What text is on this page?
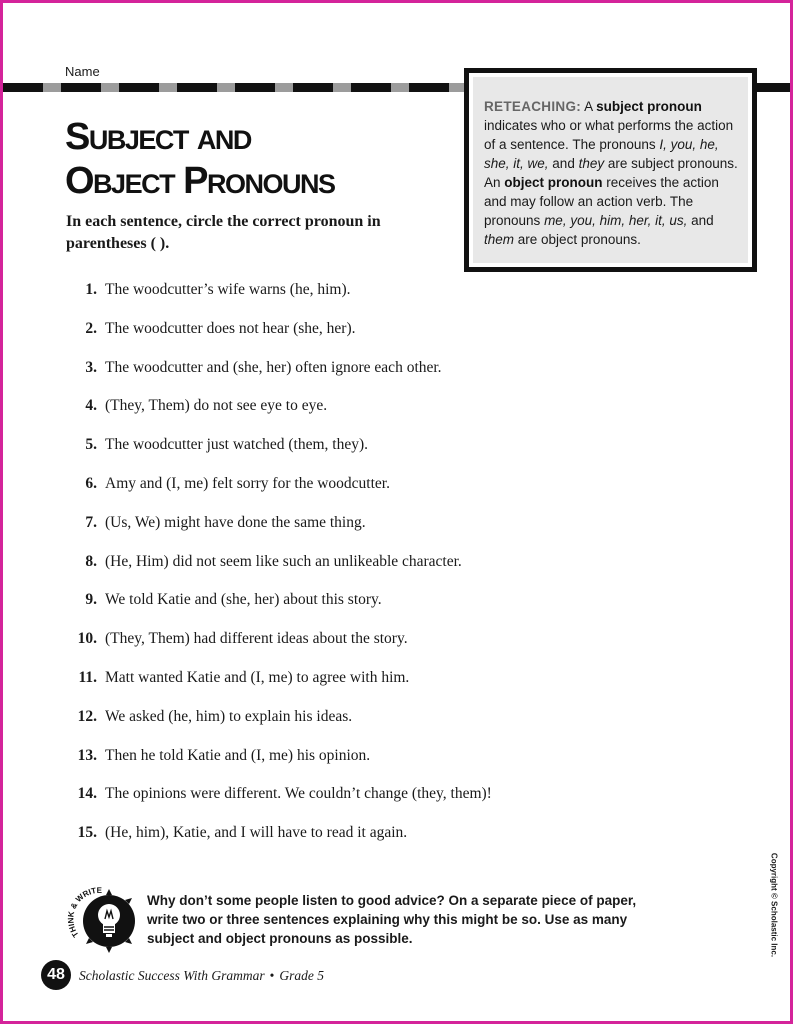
Name
Subject and
Object Pronouns
In each sentence, circle the correct pronoun in parentheses ( ).
RETEACHING: A subject pronoun indicates who or what performs the action of a sentence. The pronouns I, you, he, she, it, we, and they are subject pronouns. An object pronoun receives the action and may follow an action verb. The pronouns me, you, him, her, it, us, and them are object pronouns.
1. The woodcutter’s wife warns (he, him).
2. The woodcutter does not hear (she, her).
3. The woodcutter and (she, her) often ignore each other.
4. (They, Them) do not see eye to eye.
5. The woodcutter just watched (them, they).
6. Amy and (I, me) felt sorry for the woodcutter.
7. (Us, We) might have done the same thing.
8. (He, Him) did not seem like such an unlikeable character.
9. We told Katie and (she, her) about this story.
10. (They, Them) had different ideas about the story.
11. Matt wanted Katie and (I, me) to agree with him.
12. We asked (he, him) to explain his ideas.
13. Then he told Katie and (I, me) his opinion.
14. The opinions were different. We couldn’t change (they, them)!
15. (He, him), Katie, and I will have to read it again.
THINK & WRITE
Why don’t some people listen to good advice? On a separate piece of paper, write two or three sentences explaining why this might be so. Use as many subject and object pronouns as possible.	Copyright © Scholastic Inc.
48	Scholastic Success With Grammar • Grade 5
